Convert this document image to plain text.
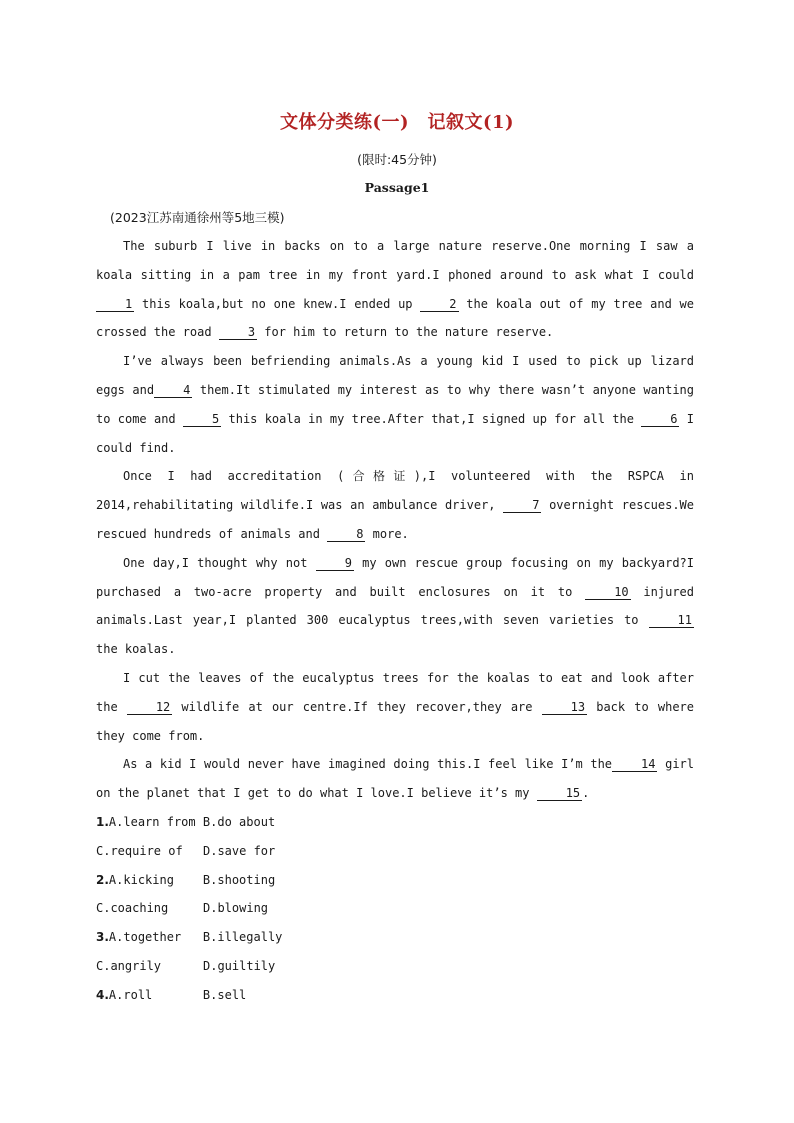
文体分类练(一)　记叙文(1)
(限时:45分钟)
Passage1
(2023江苏南通徐州等5地三模)

The suburb I live in backs on to a large nature reserve.One morning I saw a koala sitting in a pam tree in my front yard.I phoned around to ask what I could 1 this koala,but no one knew.I ended up 2 the koala out of my tree and we crossed the road 3 for him to return to the nature reserve.

I’ve always been befriending animals.As a young kid I used to pick up lizard eggs and 4 them.It stimulated my interest as to why there wasn’t anyone wanting to come and 5 this koala in my tree.After that,I signed up for all the 6 I could find.

Once I had accreditation (合格证),I volunteered with the RSPCA in 2014,rehabilitating wildlife.I was an ambulance driver, 7 overnight rescues.We rescued hundreds of animals and 8 more.

One day,I thought why not 9 my own rescue group focusing on my backyard?I purchased a two-acre property and built enclosures on it to 10 injured animals.Last year,I planted 300 eucalyptus trees,with seven varieties to 11 the koalas.

I cut the leaves of the eucalyptus trees for the koalas to eat and look after the 12 wildlife at our centre.If they recover,they are 13 back to where they come from.

As a kid I would never have imagined doing this.I feel like I’m the 14 girl on the planet that I get to do what I love.I believe it’s my 15 .

1.A.learn from B.do about
C.require of D.save for
2.A.kicking B.shooting
C.coaching	D.blowing
3.A.together B.illegally
C.angrily	D.guiltily
4.A.roll	B.sell
